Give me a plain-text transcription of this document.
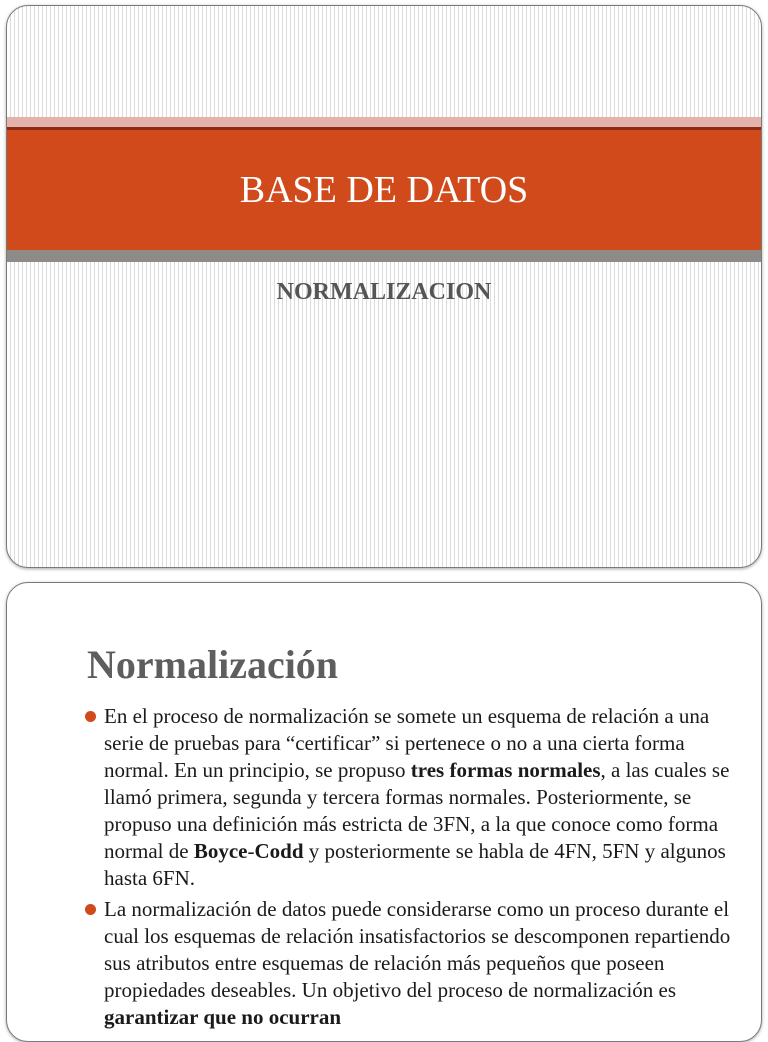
BASE DE DATOS
NORMALIZACION
Normalización
En el proceso de normalización se somete un esquema de relación a una serie de pruebas para “certificar” si pertenece o no a una cierta forma normal. En un principio, se propuso tres formas normales, a las cuales se llamó primera, segunda y tercera formas normales. Posteriormente, se propuso una definición más estricta de 3FN, a la que conoce como forma normal de Boyce-Codd y posteriormente se habla de 4FN, 5FN y algunos hasta 6FN.
La normalización de datos puede considerarse como un proceso durante el cual los esquemas de relación insatisfactorios se descomponen repartiendo sus atributos entre esquemas de relación más pequeños que poseen propiedades deseables. Un objetivo del proceso de normalización es garantizar que no ocurran
